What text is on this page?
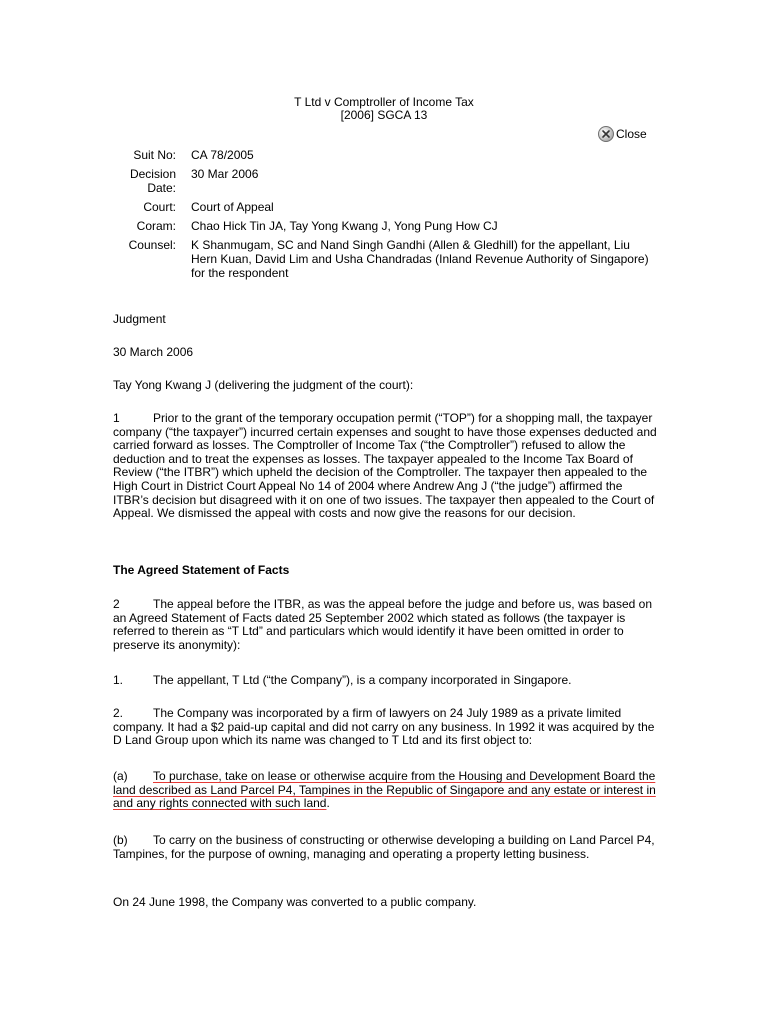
T Ltd v Comptroller of Income Tax
[2006] SGCA 13
Close
Suit No:	CA 78/2005

Decision Date:	30 Mar 2006

Court:	Court of Appeal

Coram:	Chao Hick Tin JA, Tay Yong Kwang J, Yong Pung How CJ

Counsel:	K Shanmugam, SC and Nand Singh Gandhi (Allen & Gledhill) for the appellant, Liu Hern Kuan, David Lim and Usha Chandradas (Inland Revenue Authority of Singapore) for the respondent

Judgment

30 March 2006

Tay Yong Kwang J (delivering the judgment of the court):

1	Prior to the grant of the temporary occupation permit (“TOP”) for a shopping mall, the taxpayer company (“the taxpayer”) incurred certain expenses and sought to have those expenses deducted and carried forward as losses. The Comptroller of Income Tax (“the Comptroller”) refused to allow the deduction and to treat the expenses as losses. The taxpayer appealed to the Income Tax Board of Review (“the ITBR”) which upheld the decision of the Comptroller. The taxpayer then appealed to the High Court in District Court Appeal No 14 of 2004 where Andrew Ang J (“the judge”) affirmed the ITBR’s decision but disagreed with it on one of two issues. The taxpayer then appealed to the Court of Appeal. We dismissed the appeal with costs and now give the reasons for our decision.

The Agreed Statement of Facts

2	The appeal before the ITBR, as was the appeal before the judge and before us, was based on an Agreed Statement of Facts dated 25 September 2002 which stated as follows (the taxpayer is referred to therein as “T Ltd” and particulars which would identify it have been omitted in order to preserve its anonymity):

1. The appellant, T Ltd (“the Company”), is a company incorporated in Singapore.

2. The Company was incorporated by a firm of lawyers on 24 July 1989 as a private limited company. It had a $2 paid-up capital and did not carry on any business. In 1992 it was acquired by the D Land Group upon which its name was changed to T Ltd and its first object to:

(a) To purchase, take on lease or otherwise acquire from the Housing and Development Board the land described as Land Parcel P4, Tampines in the Republic of Singapore and any estate or interest in and any rights connected with such land.

(b) To carry on the business of constructing or otherwise developing a building on Land Parcel P4, Tampines, for the purpose of owning, managing and operating a property letting business.

On 24 June 1998, the Company was converted to a public company.
